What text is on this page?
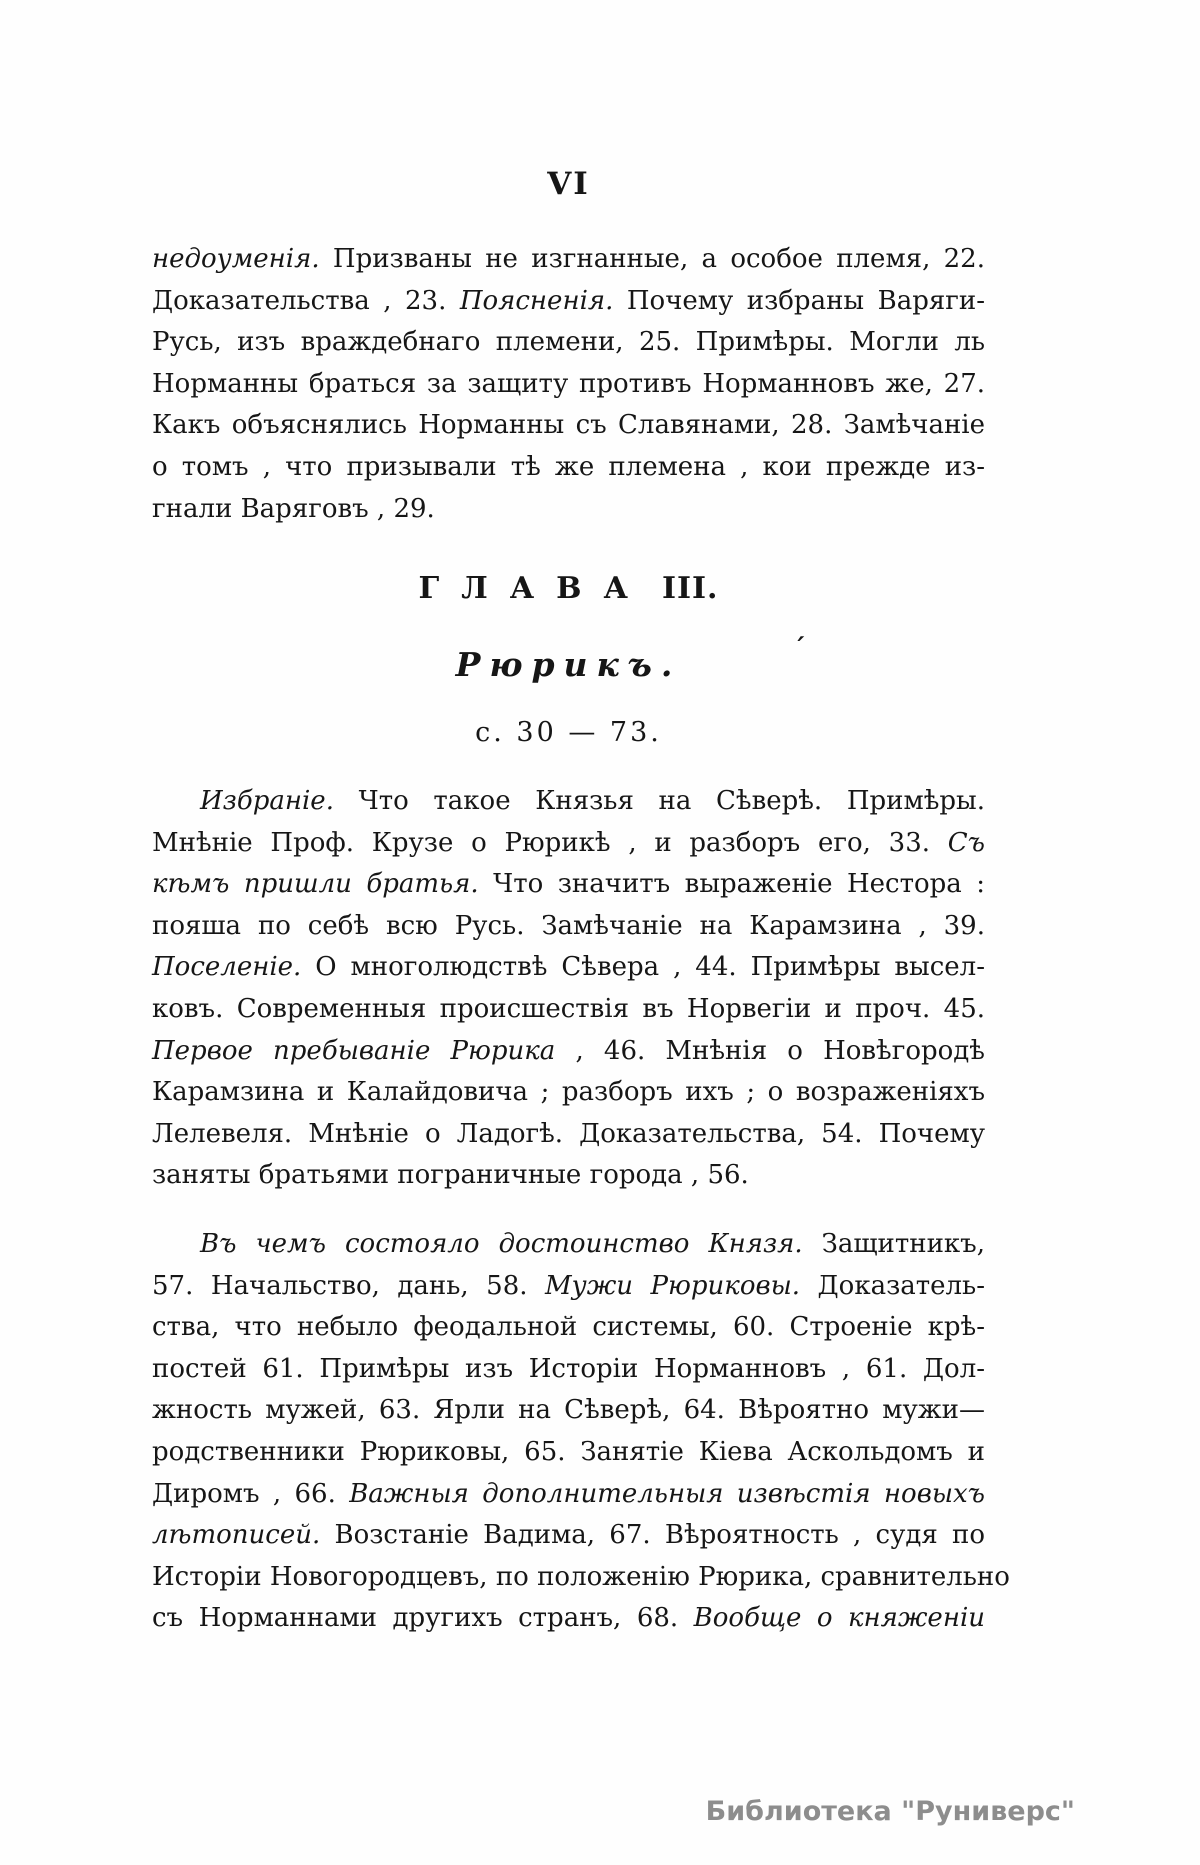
VI
недоуменія. Призваны не изгнанные, а особое племя, 22.
Доказательства , 23. Поясненія. Почему избраны Варяги-
Русь, изъ враждебнаго племени, 25. Примѣры. Могли ль
Норманны браться за защиту противъ Норманновъ же, 27.
Какъ объяснялись Норманны съ Славянами, 28. Замѣчаніе
о томъ , что призывали тѣ же племена , кои прежде из-
гнали Варяговъ , 29.
ГЛАВА III.
Рюрикъ.	´
с. 30 — 73.
Избраніе. Что такое Князья на Сѣверѣ. Примѣры.
Мнѣніе Проф. Крузе о Рюрикѣ , и разборъ его, 33. Съ
кѣмъ пришли братья. Что значитъ выраженіе Нестора :
пояша по себѣ всю Русь. Замѣчаніе на Карамзина , 39.
Поселеніе. О многолюдствѣ Сѣвера , 44. Примѣры высел-
ковъ. Современныя происшествія въ Норвегіи и проч. 45.
Первое пребываніе Рюрика , 46. Мнѣнія о Новѣгородѣ
Карамзина и Калайдовича ; разборъ ихъ ; о возраженіяхъ
Лелевеля. Мнѣніе о Ладогѣ. Доказательства, 54. Почему
заняты братьями пограничные города , 56.
Въ чемъ состояло достоинство Князя. Защитникъ,
57. Начальство, дань, 58. Мужи Рюриковы. Доказатель-
ства, что небыло феодальной системы, 60. Строеніе крѣ-
постей 61. Примѣры изъ Исторіи Норманновъ , 61. Дол-
жность мужей, 63. Ярли на Сѣверѣ, 64. Вѣроятно мужи—
родственники Рюриковы, 65. Занятіе Кіева Аскольдомъ и
Диромъ , 66. Важныя дополнительныя извѣстія новыхъ
лѣтописей. Возстаніе Вадима, 67. Вѣроятность , судя по
Исторіи Новогородцевъ, по положенію Рюрика, сравнительно
съ Норманнами другихъ странъ, 68. Вообще о княженіи
Библиотека "Руниверс"
